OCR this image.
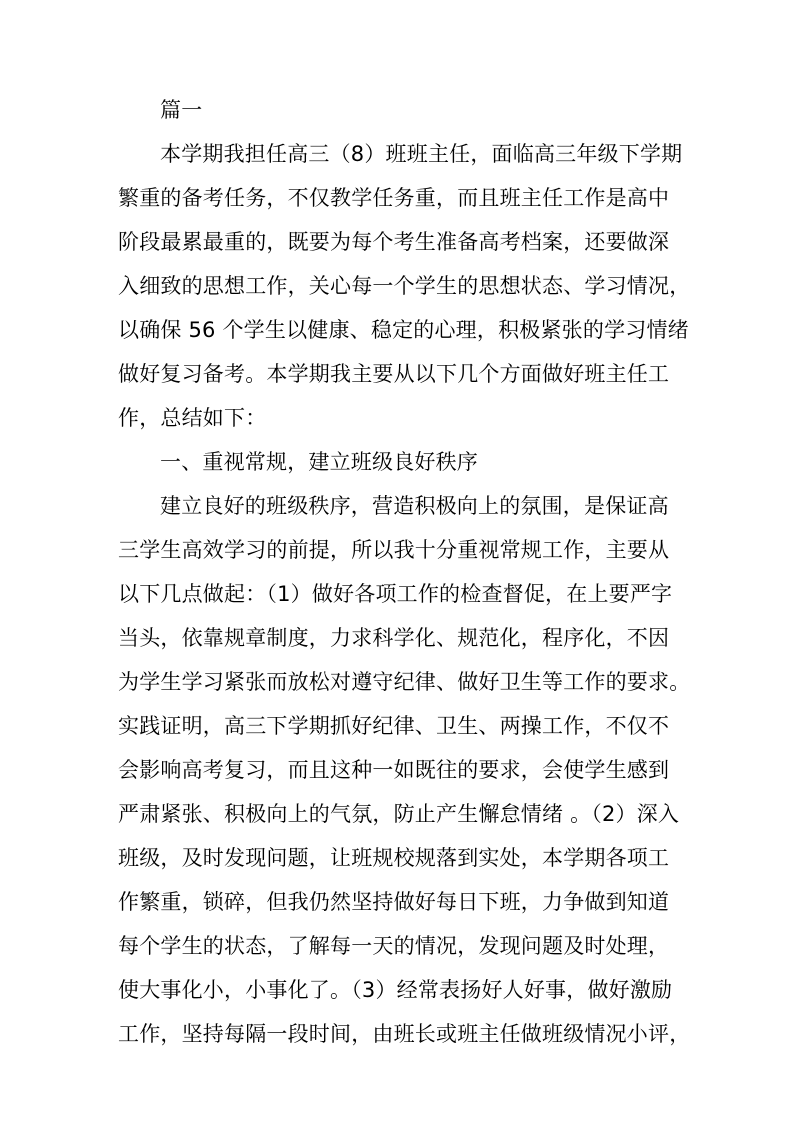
篇一
本学期我担任高三（8）班班主任，面临高三年级下学期
繁重的备考任务，不仅教学任务重，而且班主任工作是高中
阶段最累最重的，既要为每个考生准备高考档案，还要做深
入细致的思想工作，关心每一个学生的思想状态、学习情况，
以确保 56 个学生以健康、稳定的心理，积极紧张的学习情绪
做好复习备考。本学期我主要从以下几个方面做好班主任工
作，总结如下：
一、重视常规，建立班级良好秩序
建立良好的班级秩序，营造积极向上的氛围，是保证高
三学生高效学习的前提，所以我十分重视常规工作，主要从
以下几点做起：（1）做好各项工作的检查督促，在上要严字
当头，依靠规章制度，力求科学化、规范化，程序化，不因
为学生学习紧张而放松对遵守纪律、做好卫生等工作的要求。
实践证明，高三下学期抓好纪律、卫生、两操工作，不仅不
会影响高考复习，而且这种一如既往的要求，会使学生感到
严肃紧张、积极向上的气氛，防止产生懈怠情绪 。（2）深入
班级，及时发现问题，让班规校规落到实处，本学期各项工
作繁重，锁碎，但我仍然坚持做好每日下班，力争做到知道
每个学生的状态，了解每一天的情况，发现问题及时处理，
使大事化小，小事化了。（3）经常表扬好人好事，做好激励
工作，坚持每隔一段时间，由班长或班主任做班级情况小评，
